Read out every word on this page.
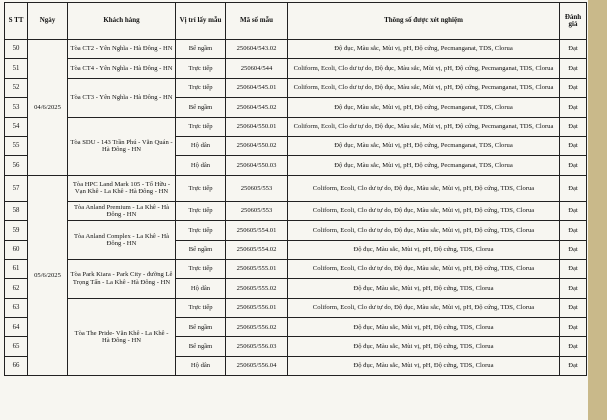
S TT	Ngày	Khách hàng	Vị trí lấy mẫu	Mã số mẫu	Thông số được xét nghiệm	Đánh giá
50	04/6/2025	Tòa CT2 - Yên Nghĩa - Hà Đông - HN	Bể ngầm	250604/543.02	Độ đục, Màu sắc, Mùi vị, pH, Độ cứng, Pecmanganat, TDS, Clorua	Đạt
51		Tòa CT4 - Yên Nghĩa - Hà Đông - HN	Trực tiếp	250604/544	Coliform, Ecoli, Clo dư tự do, Độ đục, Màu sắc, Mùi vị, pH, Độ cứng, Pecmanganat, TDS, Clorua	Đạt
52		Tòa CT3 - Yên Nghĩa - Hà Đông - HN	Trực tiếp	250604/545.01	Coliform, Ecoli, Clo dư tự do, Độ đục, Màu sắc, Mùi vị, pH, Độ cứng, Pecmanganat, TDS, Clorua	Đạt
53			Bể ngầm	250604/545.02	Độ đục, Màu sắc, Mùi vị, pH, Độ cứng, Pecmanganat, TDS, Clorua	Đạt
54		Tòa SDU - 143 Trần Phú - Văn Quán - Hà Đông - HN	Trực tiếp	250604/550.01	Coliform, Ecoli, Clo dư tự do, Độ đục, Màu sắc, Mùi vị, pH, Độ cứng, Pecmanganat, TDS, Clorua	Đạt
55			Hộ dân	250604/550.02	Độ đục, Màu sắc, Mùi vị, pH, Độ cứng, Pecmanganat, TDS, Clorua	Đạt
56			Hộ dân	250604/550.03	Độ đục, Màu sắc, Mùi vị, pH, Độ cứng, Pecmanganat, TDS, Clorua	Đạt
57	05/6/2025	Tòa HPC Land Mark 105 - Tố Hữu - Vạn Khê - La Khê - Hà Đông - HN	Trực tiếp	250605/553	Coliform, Ecoli, Clo dư tự do, Độ đục, Màu sắc, Mùi vị, pH, Độ cứng, TDS, Clorua	Đạt
58		Tòa Anland Premium - La Khê - Hà Đông - HN	Trực tiếp	250605/553	Coliform, Ecoli, Clo dư tự do, Độ đục, Màu sắc, Mùi vị, pH, Độ cứng, TDS, Clorua	Đạt
59		Tòa Anland Complex - La Khê - Hà Đông - HN	Trực tiếp	250605/554.01	Coliform, Ecoli, Clo dư tự do, Độ đục, Màu sắc, Mùi vị, pH, Độ cứng, TDS, Clorua	Đạt
60			Bể ngầm	250605/554.02	Độ đục, Màu sắc, Mùi vị, pH, Độ cứng, TDS, Clorua	Đạt
61		Tòa Park Kiara - Park City - đường Lê Trọng Tấn - La Khê - Hà Đông - HN	Trực tiếp	250605/555.01	Coliform, Ecoli, Clo dư tự do, Độ đục, Màu sắc, Mùi vị, pH, Độ cứng, TDS, Clorua	Đạt
62			Hộ dân	250605/555.02	Độ đục, Màu sắc, Mùi vị, pH, Độ cứng, TDS, Clorua	Đạt
63		Tòa The Pride- Văn Khê - La Khê - Hà Đông - HN	Trực tiếp	250605/556.01	Coliform, Ecoli, Clo dư tự do, Độ đục, Màu sắc, Mùi vị, pH, Độ cứng, TDS, Clorua	Đạt
64			Bể ngầm	250605/556.02	Độ đục, Màu sắc, Mùi vị, pH, Độ cứng, TDS, Clorua	Đạt
65			Bể ngầm	250605/556.03	Độ đục, Màu sắc, Mùi vị, pH, Độ cứng, TDS, Clorua	Đạt
66			Hộ dân	250605/556.04	Độ đục, Màu sắc, Mùi vị, pH, Độ cứng, TDS, Clorua	Đạt
